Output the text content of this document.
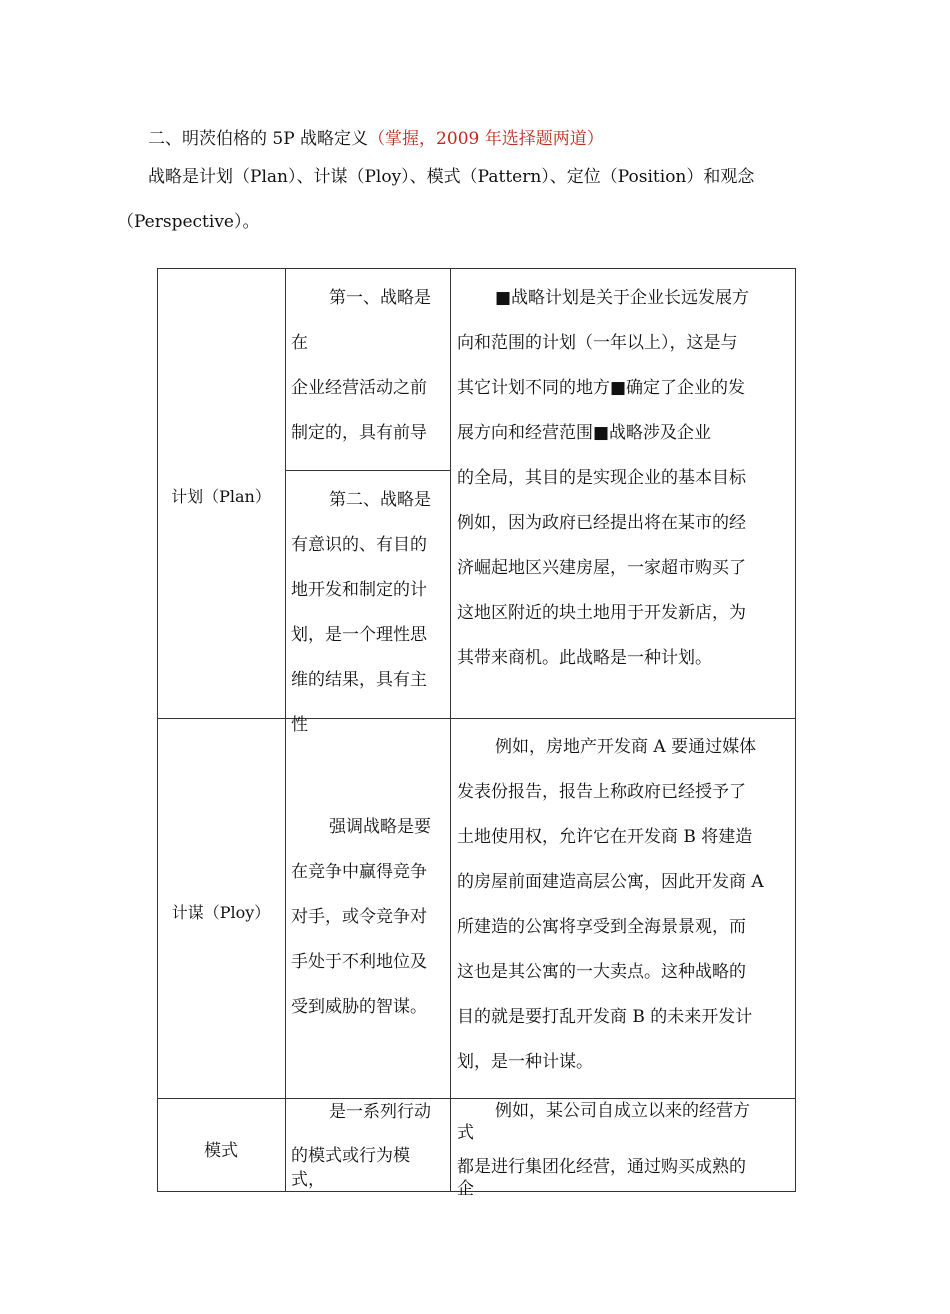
二、明茨伯格的 5P 战略定义（掌握，2009 年选择题两道）
战略是计划（Plan）、计谋（Ploy）、模式（Pattern）、定位（Position）和观念
（Perspective）。
计划（Plan）
第一、战略是
在
企业经营活动之前
制定的，具有前导
第二、战略是
有意识的、有目的
地开发和制定的计
划，是一个理性思
维的结果，具有主
性
■战略计划是关于企业长远发展方
向和范围的计划（一年以上），这是与
其它计划不同的地方■确定了企业的发
展方向和经营范围■战略涉及企业
的全局，其目的是实现企业的基本目标
例如，因为政府已经提出将在某市的经
济崛起地区兴建房屋，一家超市购买了
这地区附近的块土地用于开发新店，为
其带来商机。此战略是一种计划。
计谋（Ploy）
强调战略是要
在竞争中赢得竞争
对手，或令竞争对
手处于不利地位及
受到威胁的智谋。
例如，房地产开发商 A 要通过媒体
发表份报告，报告上称政府已经授予了
土地使用权，允许它在开发商 B 将建造
的房屋前面建造高层公寓，因此开发商 A
所建造的公寓将享受到全海景景观，而
这也是其公寓的一大卖点。这种战略的
目的就是要打乱开发商 B 的未来开发计
划，是一种计谋。
模式
是一系列行动
的模式或行为模
式，
例如，某公司自成立以来的经营方
式
都是进行集团化经营，通过购买成熟的
企
